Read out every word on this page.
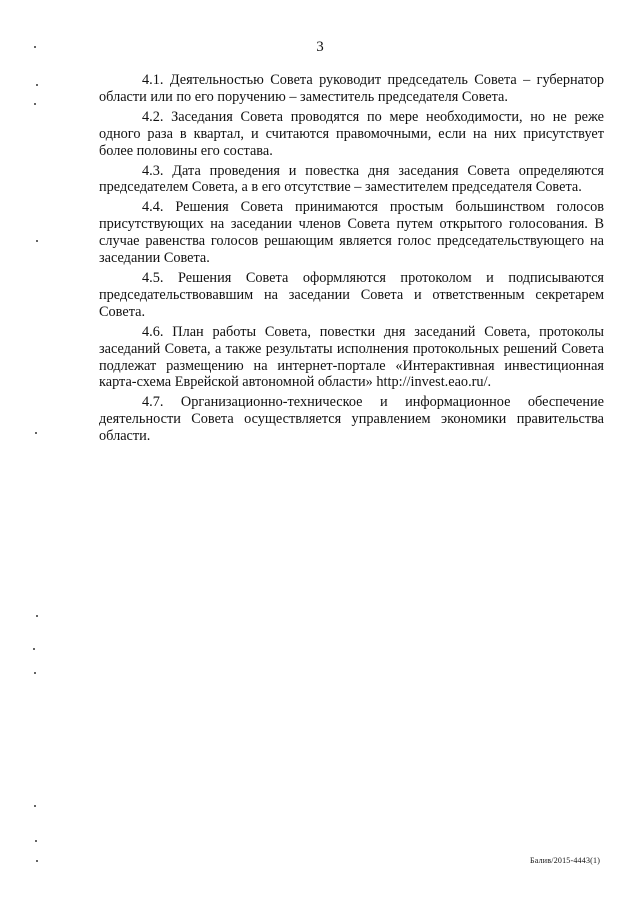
3

4.1. Деятельностью Совета руководит председатель Совета – губернатор области или по его поручению – заместитель председателя Совета.

4.2. Заседания Совета проводятся по мере необходимости, но не реже одного раза в квартал, и считаются правомочными, если на них присутствует более половины его состава.

4.3. Дата проведения и повестка дня заседания Совета определяются председателем Совета, а в его отсутствие – заместителем председателя Совета.

4.4. Решения Совета принимаются простым большинством голосов присутствующих на заседании членов Совета путем открытого голосования. В случае равенства голосов решающим является голос председательствующего на заседании Совета.

4.5. Решения Совета оформляются протоколом и подписываются председательствовавшим на заседании Совета и ответственным секретарем Совета.

4.6. План работы Совета, повестки дня заседаний Совета, протоколы заседаний Совета, а также результаты исполнения протокольных решений Совета подлежат размещению на интернет-портале «Интерактивная инвестиционная карта-схема Еврейской автономной области» http://invest.eao.ru/.

4.7. Организационно-техническое и информационное обеспечение деятельности Совета осуществляется управлением экономики правительства области.

Балив/2015-4443(1)
